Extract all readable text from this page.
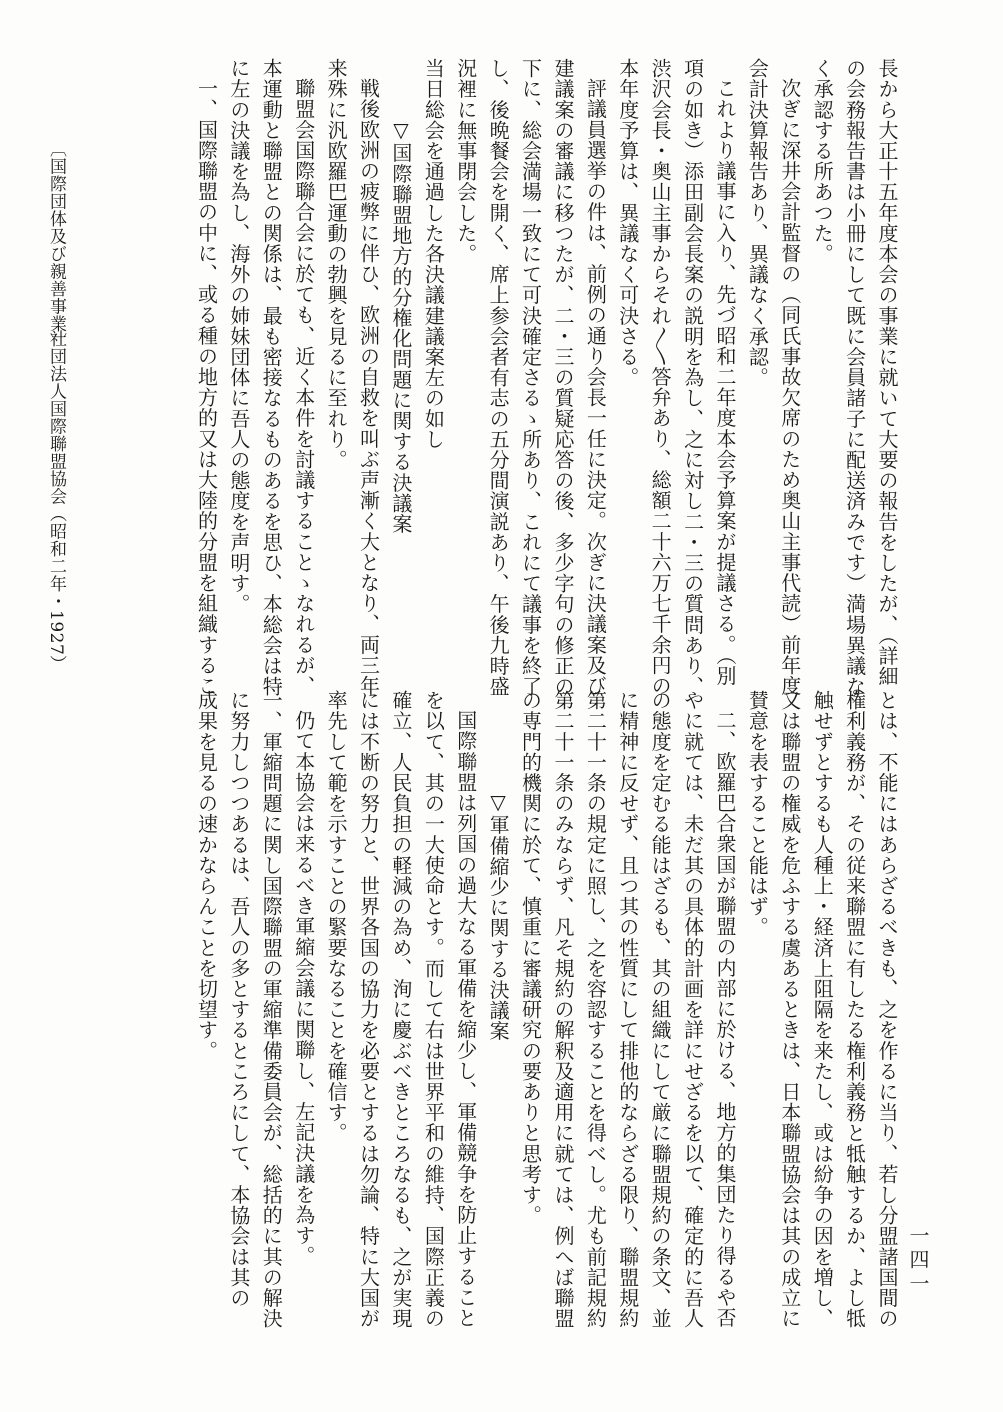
長から大正十五年度本会の事業に就いて大要の報告をしたが、（詳細

の会務報告書は小冊にして既に会員諸子に配送済みです）満場異議な

く承認する所あつた。

次ぎに深井会計監督の（同氏事故欠席のため奥山主事代読）前年度

会計決算報告あり、異議なく承認。

これより議事に入り、先づ昭和二年度本会予算案が提議さる。（別

項の如き）添田副会長案の説明を為し、之に対し二・三の質問あり、

渋沢会長・奥山主事からそれ〳〵答弁あり、総額二十六万七千余円の

本年度予算は、異議なく可決さる。

評議員選挙の件は、前例の通り会長一任に決定。次ぎに決議案及び

建議案の審議に移つたが、二・三の質疑応答の後、多少字句の修正の

下に、総会満場一致にて可決確定さるゝ所あり、これにて議事を終了

し、後晩餐会を開く、席上参会者有志の五分間演説あり、午後九時盛

況裡に無事閉会した。

当日総会を通過した各決議建議案左の如し

▽国際聯盟地方的分権化問題に関する決議案

戦後欧洲の疲弊に伴ひ、欧洲の自救を叫ぶ声漸く大となり、両三年

来殊に汎欧羅巴運動の勃興を見るに至れり。

聯盟会国際聯合会に於ても、近く本件を討議することゝなれるが、

本運動と聯盟との関係は、最も密接なるものあるを思ひ、本総会は特

に左の決議を為し、海外の姉妹団体に吾人の態度を声明す。

一、国際聯盟の中に、或る種の地方的又は大陸的分盟を組織するこ

とは、不能にはあらざるべきも、之を作るに当り、若し分盟諸国間の

権利義務が、その従来聯盟に有したる権利義務と牴触するか、よし牴

触せずとするも人種上・経済上阻隔を来たし、或は紛争の因を増し、

又は聯盟の権威を危ふする虞あるときは、日本聯盟協会は其の成立に

賛意を表すること能はず。

二、欧羅巴合衆国が聯盟の内部に於ける、地方的集団たり得るや否

やに就ては、未だ其の具体的計画を詳にせざるを以て、確定的に吾人

の態度を定むる能はざるも、其の組織にして厳に聯盟規約の条文、並

に精神に反せず、且つ其の性質にして排他的ならざる限り、聯盟規約

第二十一条の規定に照し、之を容認することを得べし。尤も前記規約

第二十一条のみならず、凡そ規約の解釈及適用に就ては、例へば聯盟

の専門的機関に於て、慎重に審議研究の要ありと思考す。

▽軍備縮少に関する決議案

国際聯盟は列国の過大なる軍備を縮少し、軍備競争を防止すること

を以て、其の一大使命とす。而して右は世界平和の維持、国際正義の

確立、人民負担の軽減の為め、洵に慶ぶべきところなるも、之が実現

には不断の努力と、世界各国の協力を必要とするは勿論、特に大国が

率先して範を示すことの緊要なることを確信す。

仍て本協会は来るべき軍縮会議に関聯し、左記決議を為す。

一、軍縮問題に関し国際聯盟の軍縮準備委員会が、総括的に其の解決

に努力しつつあるは、吾人の多とするところにして、本協会は其の

成果を見るの速かならんことを切望す。

〔国際団体及び親善事業〕
社団法人国際聯盟協会（昭和二年・1927）
一四一
